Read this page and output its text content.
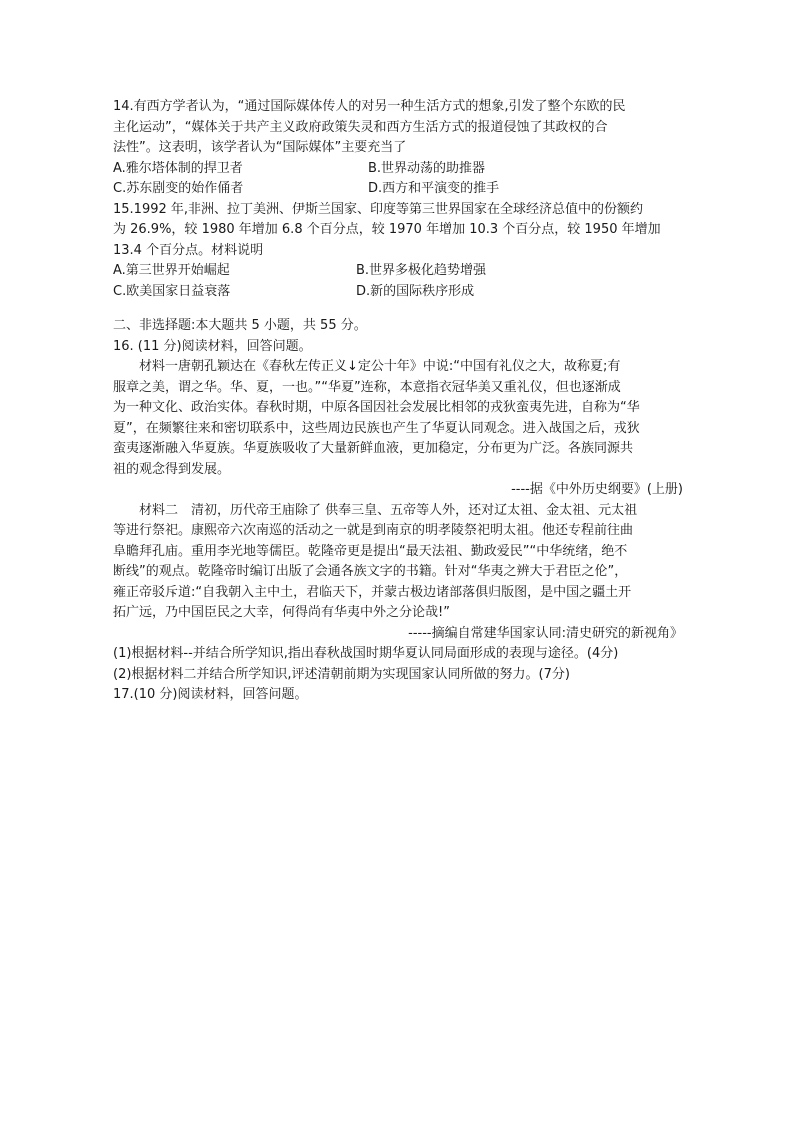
14.有西方学者认为，“通过国际媒体传人的对另一种生活方式的想象,引发了整个东欧的民
主化运动”，“媒体关于共产主义政府政策失灵和西方生活方式的报道侵蚀了其政权的合
法性”。这表明，该学者认为“国际媒体”主要充当了
A.雅尔塔体制的捍卫者	B.世界动荡的助推器
C.苏东剧变的始作俑者	D.西方和平演变的推手
15.1992 年,非洲、拉丁美洲、伊斯兰国家、印度等第三世界国家在全球经济总值中的份额约
为 26.9%，较 1980 年增加 6.8 个百分点，较 1970 年增加 10.3 个百分点，较 1950 年增加
13.4 个百分点。材料说明
A.第三世界开始崛起	B.世界多极化趋势增强
C.欧美国家日益衰落	D.新的国际秩序形成
二、非选择题:本大题共 5 小题，共 55 分。
16. (11 分)阅读材料，回答问题。
材料一唐朝孔颖达在《春秋左传正义↓定公十年》中说:“中国有礼仪之大，故称夏;有
服章之美，谓之华。华、夏，一也。”“华夏”连称，本意指衣冠华美又重礼仪，但也逐渐成
为一种文化、政治实体。春秋时期，中原各国因社会发展比相邻的戎狄蛮夷先进，自称为“华
夏”，在频繁往来和密切联系中，这些周边民族也产生了华夏认同观念。进入战国之后，戎狄
蛮夷逐渐融入华夏族。华夏族吸收了大量新鲜血液，更加稳定，分布更为广泛。各族同源共
祖的观念得到发展。
----据《中外历史纲要》(上册)
材料二　清初，历代帝王庙除了 供奉三皇、五帝等人外，还对辽太祖、金太祖、元太祖
等进行祭祀。康熙帝六次南巡的活动之一就是到南京的明孝陵祭祀明太祖。他还专程前往曲
阜瞻拜孔庙。重用李光地等儒臣。乾隆帝更是提出“最天法祖、勤政爱民”“中华统绪，绝不
断线”的观点。乾隆帝时编订出版了会通各族文字的书籍。针对“华夷之辨大于君臣之伦”，
雍正帝驳斥道:“自我朝入主中土，君临天下，并蒙古极边诸部落俱归版图，是中国之疆土开
拓广远，乃中国臣民之大幸，何得尚有华夷中外之分论哉!”
-----摘编自常建华国家认同:清史研究的新视角》
(1)根据材料--并结合所学知识,指出春秋战国时期华夏认同局面形成的表现与途径。(4分)
(2)根据材料二并结合所学知识,评述清朝前期为实现国家认同所做的努力。(7分)
17.(10 分)阅读材料，回答问题。
